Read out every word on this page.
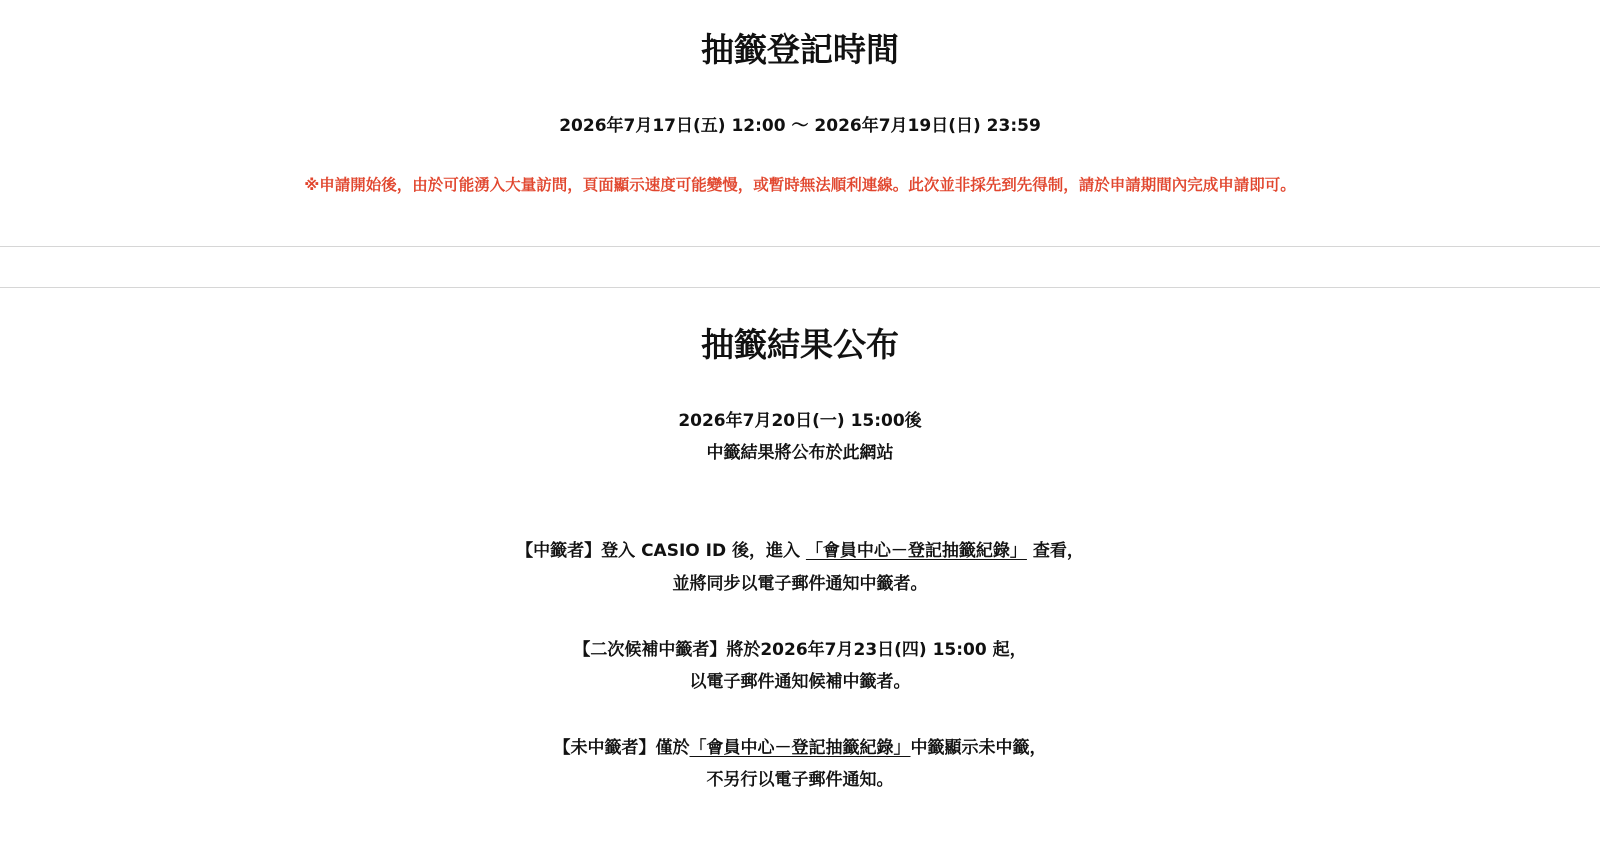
抽籤登記時間

2026年7月17日(五) 12:00 〜 2026年7月19日(日) 23:59

※申請開始後，由於可能湧入大量訪問，頁面顯示速度可能變慢，或暫時無法順利連線。此次並非採先到先得制，請於申請期間內完成申請即可。

抽籤結果公布

2026年7月20日(一) 15:00後

中籤結果將公布於此網站

【中籤者】登入 CASIO ID 後，進入 「會員中心－登記抽籤紀錄」 查看，

並將同步以電子郵件通知中籤者。

【二次候補中籤者】將於2026年7月23日(四) 15:00 起，

以電子郵件通知候補中籤者。

【未中籤者】僅於「會員中心－登記抽籤紀錄」中籤顯示未中籤，

不另行以電子郵件通知。
